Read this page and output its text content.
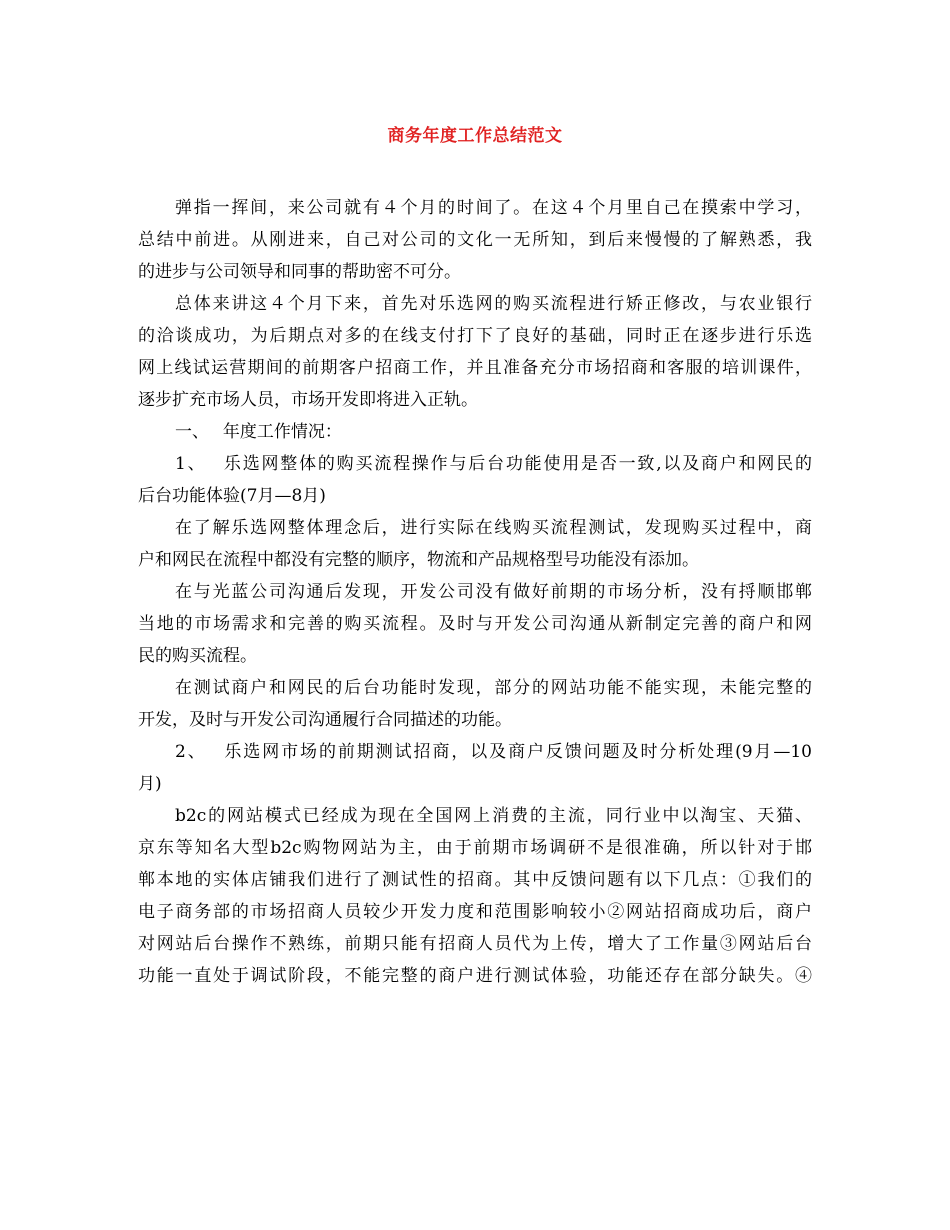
商务年度工作总结范文
弹指一挥间，来公司就有４个月的时间了。在这４个月里自己在摸索中学习，
总结中前进。从刚进来，自己对公司的文化一无所知，到后来慢慢的了解熟悉，我
的进步与公司领导和同事的帮助密不可分。
总体来讲这４个月下来，首先对乐选网的购买流程进行矫正修改，与农业银行
的洽谈成功，为后期点对多的在线支付打下了良好的基础，同时正在逐步进行乐选
网上线试运营期间的前期客户招商工作，并且准备充分市场招商和客服的培训课件，
逐步扩充市场人员，市场开发即将进入正轨。
一、　 年度工作情况：
1、　 乐选网整体的购买流程操作与后台功能使用是否一致,以及商户和网民的
后台功能体验(7月—8月)
在了解乐选网整体理念后，进行实际在线购买流程测试，发现购买过程中，商
户和网民在流程中都没有完整的顺序，物流和产品规格型号功能没有添加。
在与光蓝公司沟通后发现，开发公司没有做好前期的市场分析，没有捋顺邯郸
当地的市场需求和完善的购买流程。及时与开发公司沟通从新制定完善的商户和网
民的购买流程。
在测试商户和网民的后台功能时发现，部分的网站功能不能实现，未能完整的
开发，及时与开发公司沟通履行合同描述的功能。
2、　 乐选网市场的前期测试招商，以及商户反馈问题及时分析处理(9月—10
月)
b2c的网站模式已经成为现在全国网上消费的主流，同行业中以淘宝、天猫、
京东等知名大型b2c购物网站为主，由于前期市场调研不是很准确，所以针对于邯
郸本地的实体店铺我们进行了测试性的招商。其中反馈问题有以下几点：①我们的
电子商务部的市场招商人员较少开发力度和范围影响较小②网站招商成功后，商户
对网站后台操作不熟练，前期只能有招商人员代为上传，增大了工作量③网站后台
功能一直处于调试阶段，不能完整的商户进行测试体验，功能还存在部分缺失。④
